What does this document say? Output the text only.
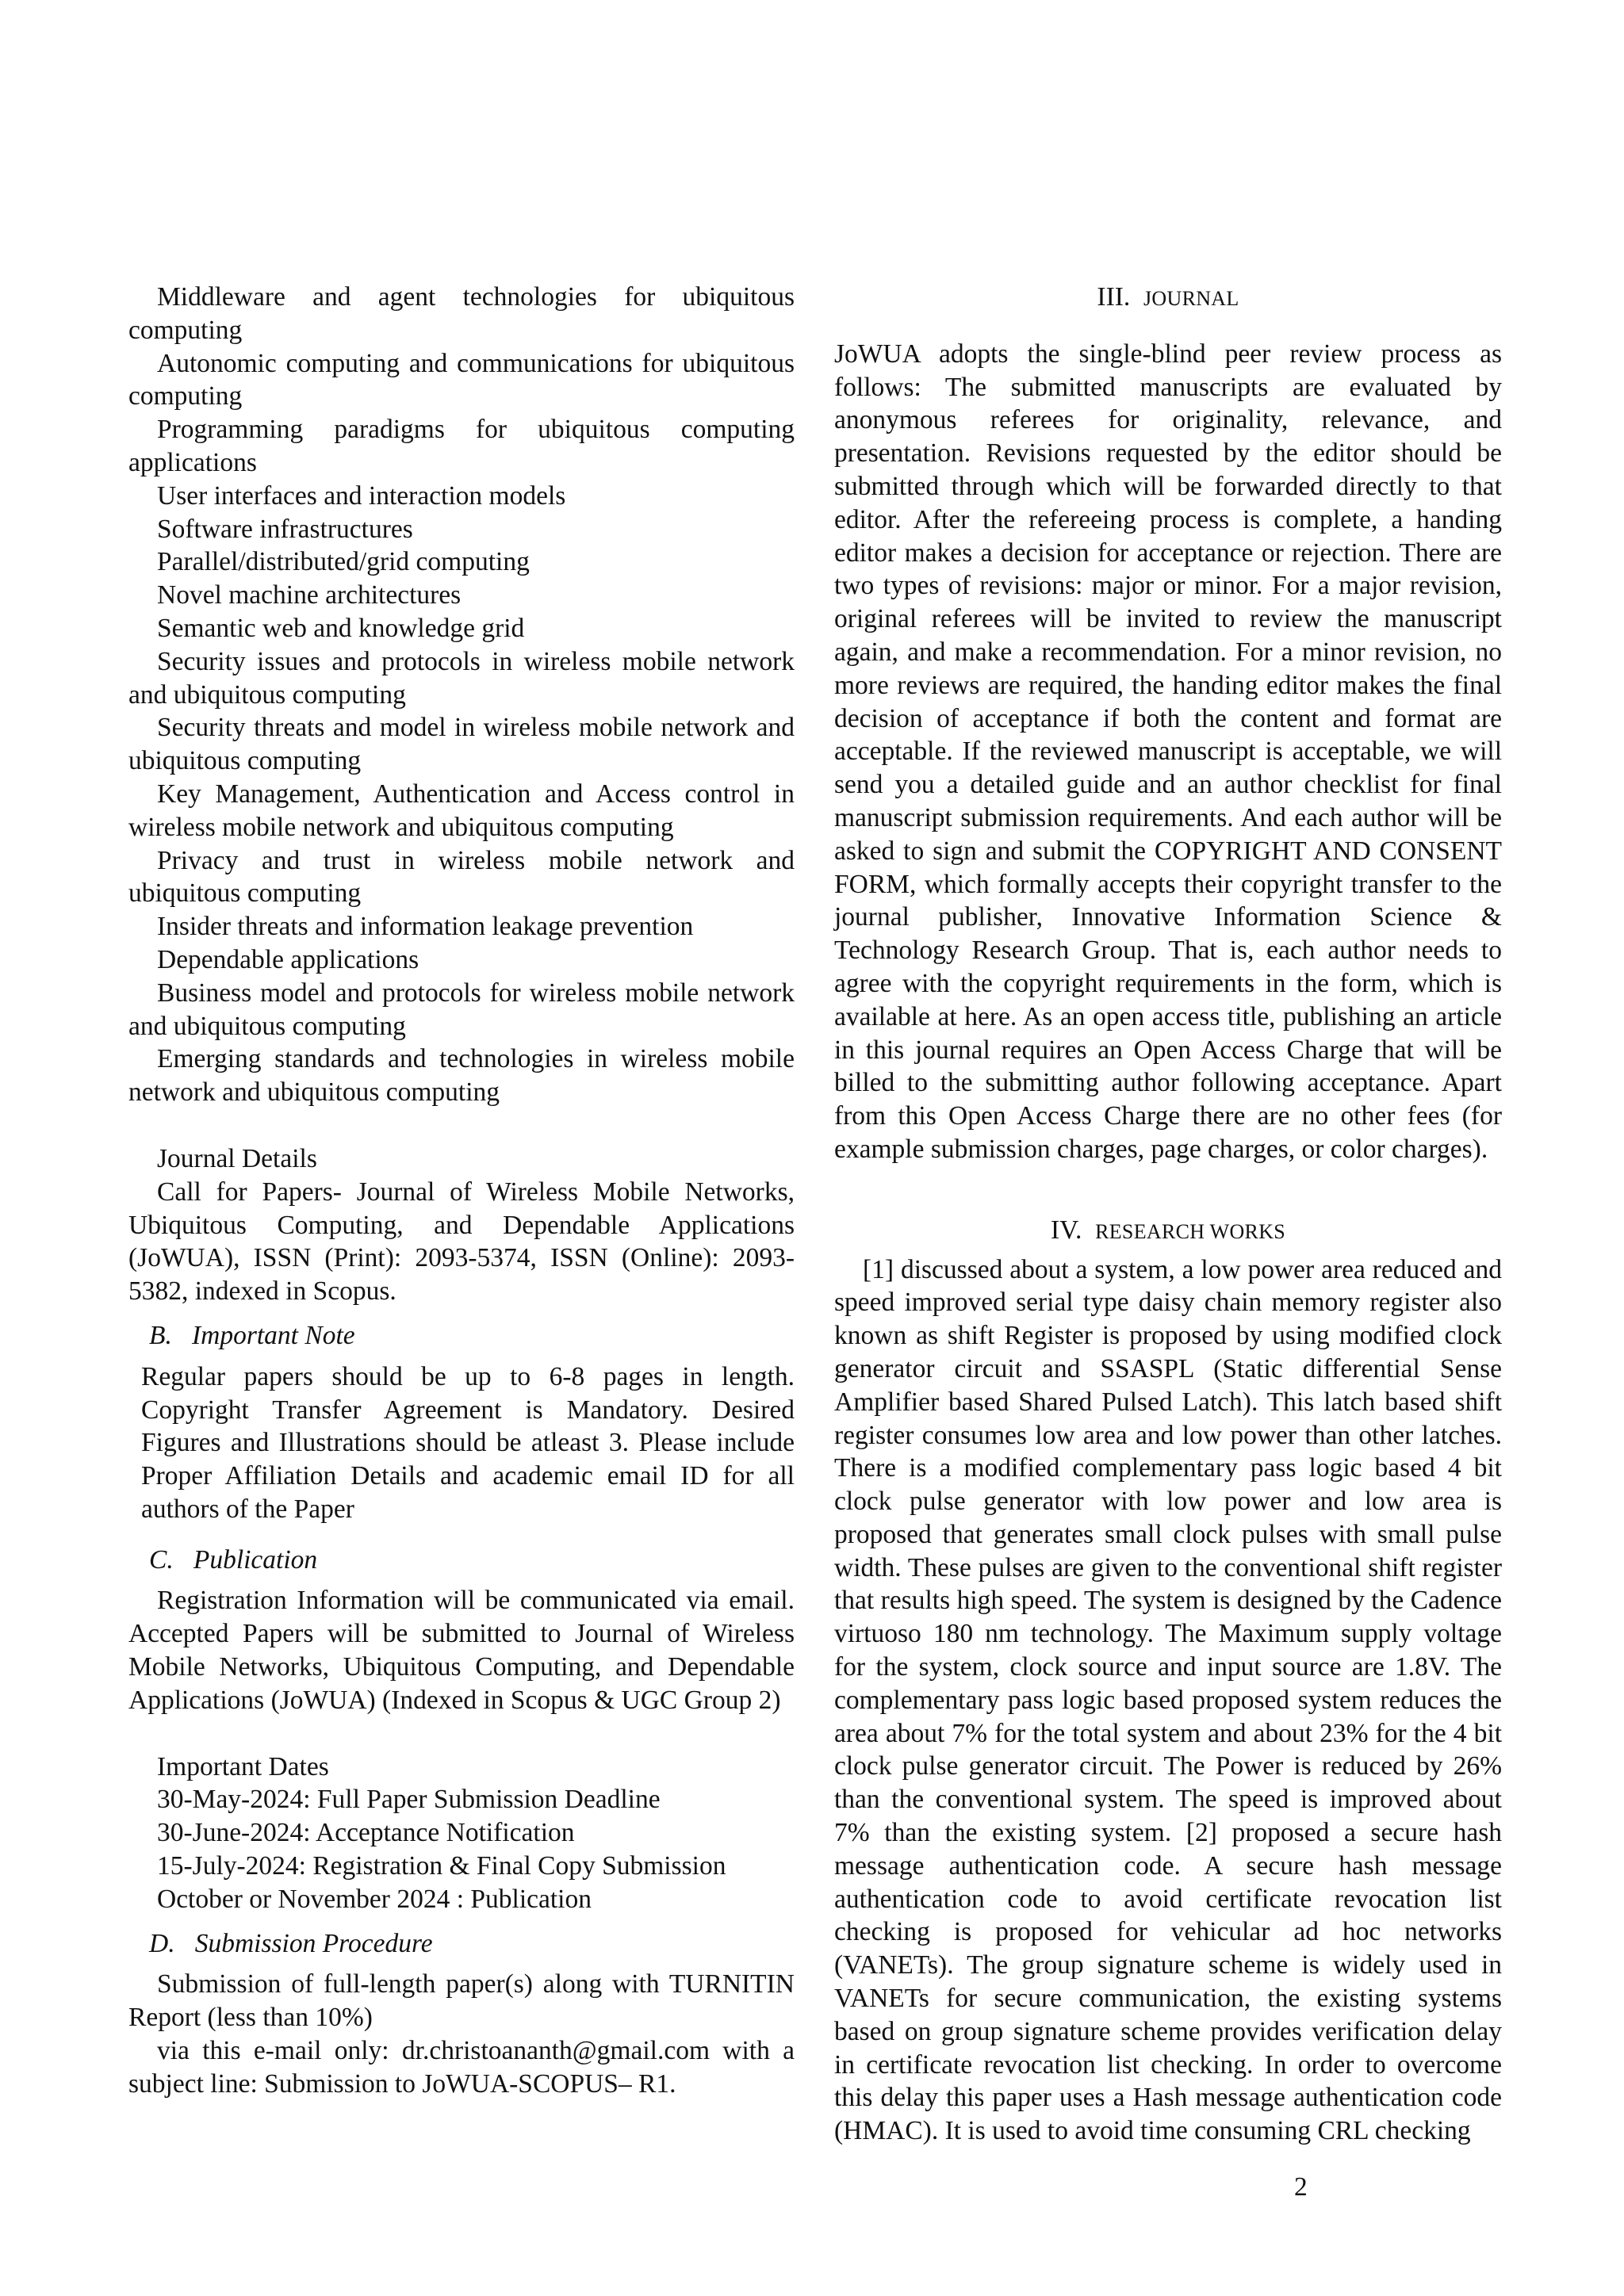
Middleware and agent technologies for ubiquitous computing

Autonomic computing and communications for ubiquitous computing

Programming paradigms for ubiquitous computing applications

User interfaces and interaction models

Software infrastructures

Parallel/distributed/grid computing

Novel machine architectures

Semantic web and knowledge grid

Security issues and protocols in wireless mobile network and ubiquitous computing

Security threats and model in wireless mobile network and ubiquitous computing

Key Management, Authentication and Access control in wireless mobile network and ubiquitous computing

Privacy and trust in wireless mobile network and ubiquitous computing

Insider threats and information leakage prevention

Dependable applications

Business model and protocols for wireless mobile network and ubiquitous computing

Emerging standards and technologies in wireless mobile network and ubiquitous computing

Journal Details

Call for Papers- Journal of Wireless Mobile Networks, Ubiquitous Computing, and Dependable Applications (JoWUA), ISSN (Print): 2093-5374, ISSN (Online): 2093-5382, indexed in Scopus.

B. Important Note

Regular papers should be up to 6-8 pages in length. Copyright Transfer Agreement is Mandatory. Desired Figures and Illustrations should be atleast 3. Please include Proper Affiliation Details and academic email ID for all authors of the Paper

C. Publication

Registration Information will be communicated via email. Accepted Papers will be submitted to Journal of Wireless Mobile Networks, Ubiquitous Computing, and Dependable Applications (JoWUA) (Indexed in Scopus & UGC Group 2)

Important Dates

30-May-2024: Full Paper Submission Deadline

30-June-2024: Acceptance Notification

15-July-2024: Registration & Final Copy Submission

October or November 2024 : Publication

D. Submission Procedure

Submission of full-length paper(s) along with TURNITIN Report (less than 10%)

via this e-mail only: dr.christoananth@gmail.com with a subject line: Submission to JoWUA-SCOPUS– R1.

III. JOURNAL

JoWUA adopts the single-blind peer review process as follows: The submitted manuscripts are evaluated by anonymous referees for originality, relevance, and presentation. Revisions requested by the editor should be submitted through which will be forwarded directly to that editor. After the refereeing process is complete, a handing editor makes a decision for acceptance or rejection. There are two types of revisions: major or minor. For a major revision, original referees will be invited to review the manuscript again, and make a recommendation. For a minor revision, no more reviews are required, the handing editor makes the final decision of acceptance if both the content and format are acceptable. If the reviewed manuscript is acceptable, we will send you a detailed guide and an author checklist for final manuscript submission requirements. And each author will be asked to sign and submit the COPYRIGHT AND CONSENT FORM, which formally accepts their copyright transfer to the journal publisher, Innovative Information Science & Technology Research Group. That is, each author needs to agree with the copyright requirements in the form, which is available at here. As an open access title, publishing an article in this journal requires an Open Access Charge that will be billed to the submitting author following acceptance. Apart from this Open Access Charge there are no other fees (for example submission charges, page charges, or color charges).

IV. RESEARCH WORKS

[1] discussed about a system, a low power area reduced and speed improved serial type daisy chain memory register also known as shift Register is proposed by using modified clock generator circuit and SSASPL (Static differential Sense Amplifier based Shared Pulsed Latch). This latch based shift register consumes low area and low power than other latches. There is a modified complementary pass logic based 4 bit clock pulse generator with low power and low area is proposed that generates small clock pulses with small pulse width. These pulses are given to the conventional shift register that results high speed. The system is designed by the Cadence virtuoso 180 nm technology. The Maximum supply voltage for the system, clock source and input source are 1.8V. The complementary pass logic based proposed system reduces the area about 7% for the total system and about 23% for the 4 bit clock pulse generator circuit. The Power is reduced by 26% than the conventional system. The speed is improved about 7% than the existing system. [2] proposed a secure hash message authentication code. A secure hash message authentication code to avoid certificate revocation list checking is proposed for vehicular ad hoc networks (VANETs). The group signature scheme is widely used in VANETs for secure communication, the existing systems based on group signature scheme provides verification delay in certificate revocation list checking. In order to overcome this delay this paper uses a Hash message authentication code (HMAC). It is used to avoid time consuming CRL checking

2
